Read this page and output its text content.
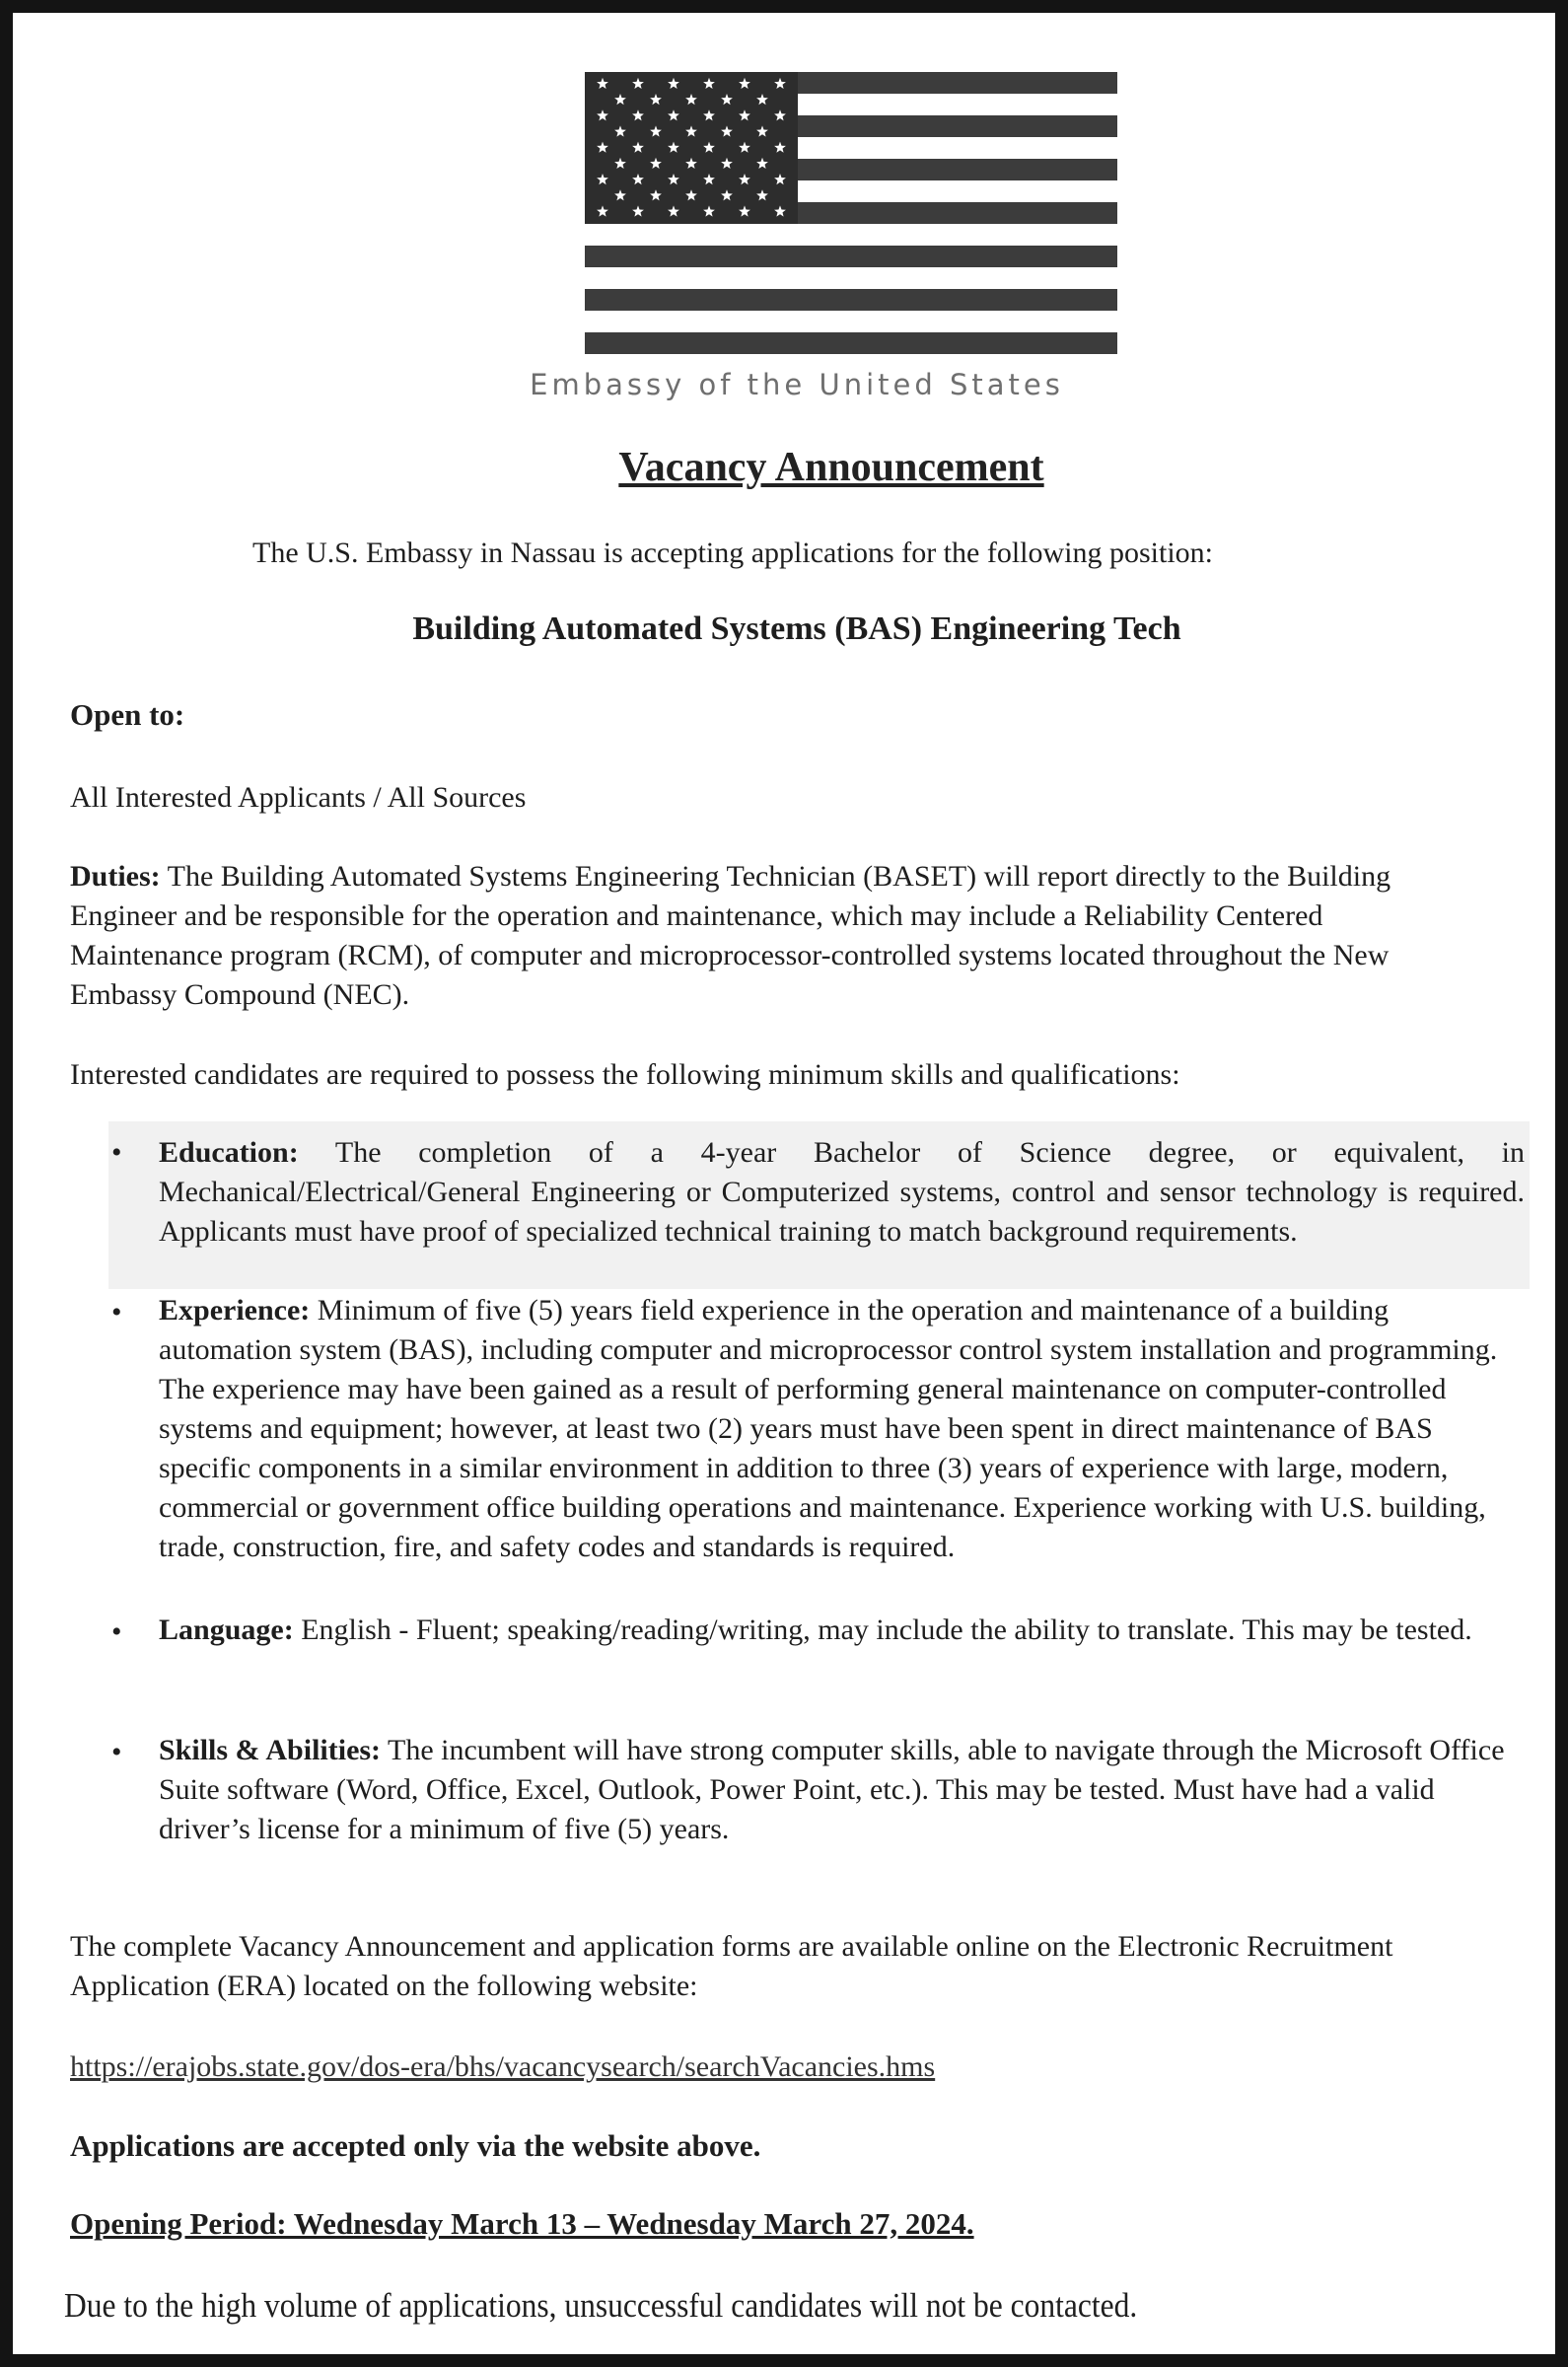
Embassy of the United States
Vacancy Announcement
The U.S. Embassy in Nassau is accepting applications for the following position:
Building Automated Systems (BAS) Engineering Tech
Open to:
All Interested Applicants / All Sources
Duties: The Building Automated Systems Engineering Technician (BASET) will report directly to the Building Engineer and be responsible for the operation and maintenance, which may include a Reliability Centered Maintenance program (RCM), of computer and microprocessor-controlled systems located throughout the New Embassy Compound (NEC).
Interested candidates are required to possess the following minimum skills and qualifications:
• Education: The completion of a 4-year Bachelor of Science degree, or equivalent, in Mechanical/Electrical/General Engineering or Computerized systems, control and sensor technology is required. Applicants must have proof of specialized technical training to match background requirements.
• Experience: Minimum of five (5) years field experience in the operation and maintenance of a building automation system (BAS), including computer and microprocessor control system installation and programming. The experience may have been gained as a result of performing general maintenance on computer-controlled systems and equipment; however, at least two (2) years must have been spent in direct maintenance of BAS specific components in a similar environment in addition to three (3) years of experience with large, modern, commercial or government office building operations and maintenance. Experience working with U.S. building, trade, construction, fire, and safety codes and standards is required.
• Language: English - Fluent; speaking/reading/writing, may include the ability to translate. This may be tested.
• Skills & Abilities: The incumbent will have strong computer skills, able to navigate through the Microsoft Office Suite software (Word, Office, Excel, Outlook, Power Point, etc.). This may be tested. Must have had a valid driver’s license for a minimum of five (5) years.
The complete Vacancy Announcement and application forms are available online on the Electronic Recruitment Application (ERA) located on the following website:
https://erajobs.state.gov/dos-era/bhs/vacancysearch/searchVacancies.hms
Applications are accepted only via the website above.
Opening Period: Wednesday March 13 – Wednesday March 27, 2024.
Due to the high volume of applications, unsuccessful candidates will not be contacted.
